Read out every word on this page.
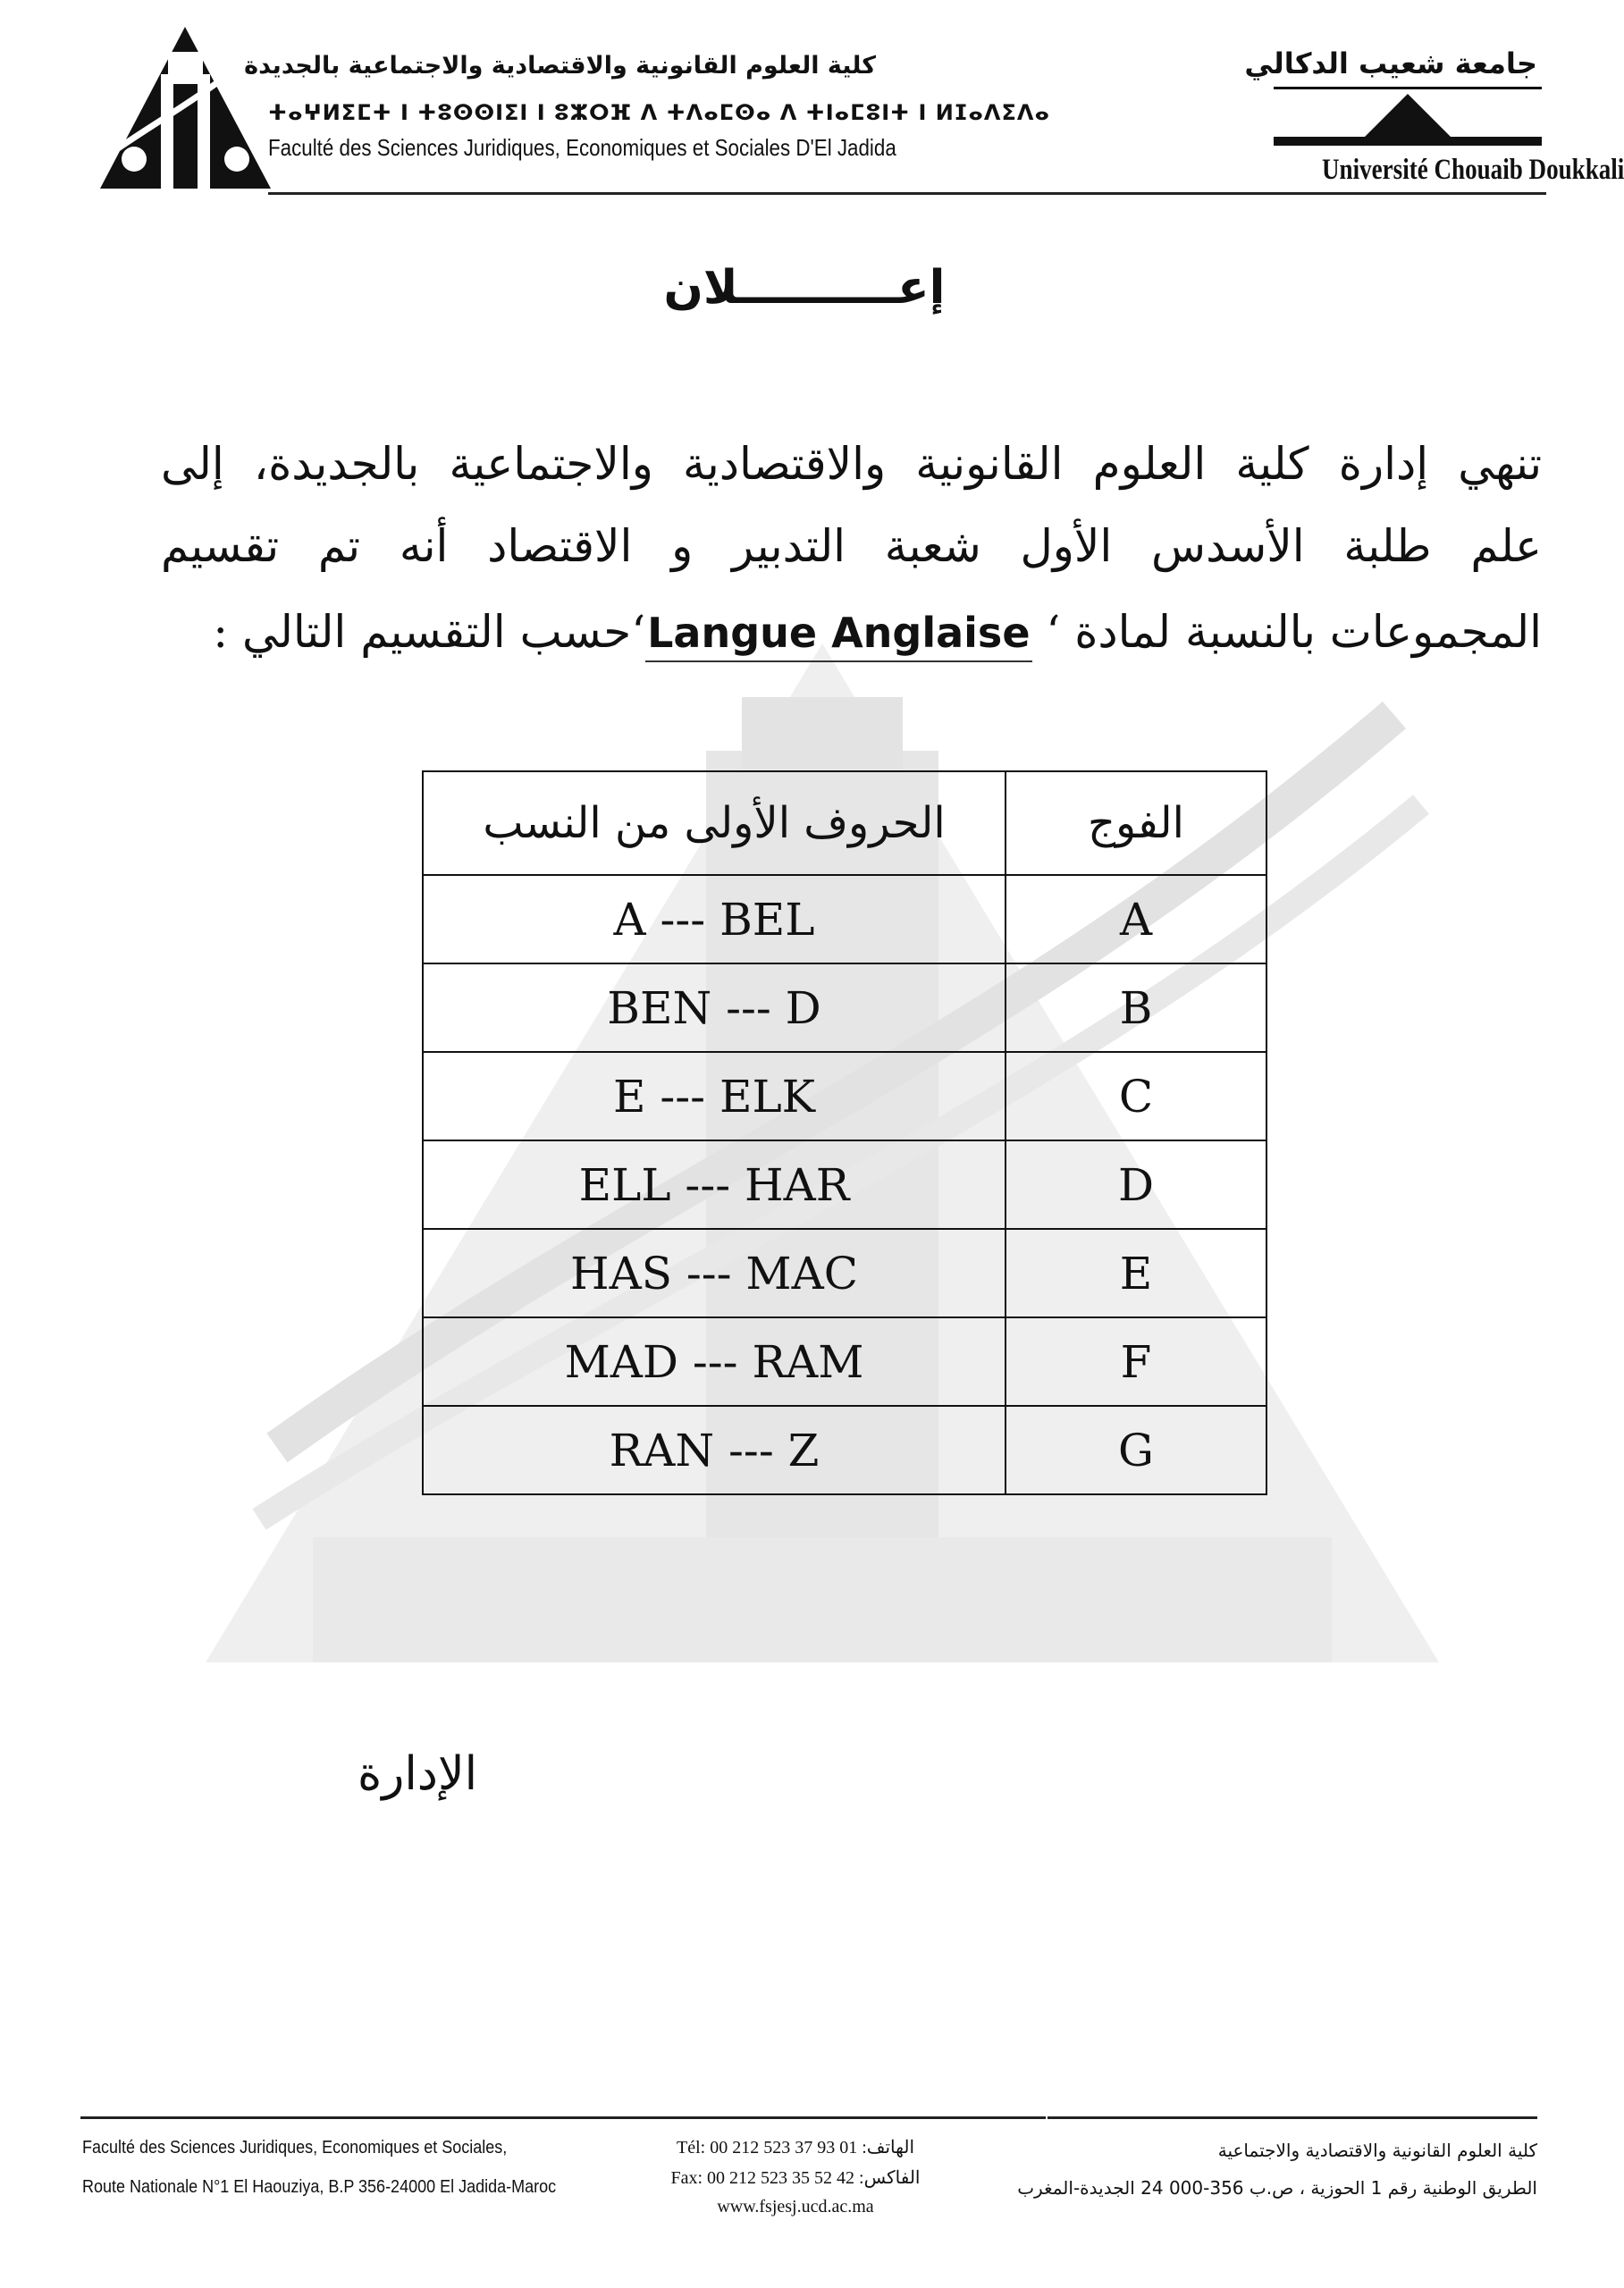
كلية العلوم القانونية والاقتصادية والاجتماعية بالجديدة
ⵜⴰⵖⵍⵉⵎⵜ ⵏ ⵜⵓⵙⵙⵏⵉⵏ ⵏ ⵓⵣⵔⴼ ⴷ ⵜⴷⴰⵎⵙⴰ ⴷ ⵜⵏⴰⵎⵓⵏⵜ ⵏ ⵍⵊⴰⴷⵉⴷⴰ
Faculté des Sciences Juridiques, Economiques et Sociales D'El Jadida
جامعة شعيب الدكالي
Université Chouaib Doukkali
إعــــــــــلان
تنهي إدارة كلية العلوم القانونية والاقتصادية والاجتماعية بالجديدة، إلى
علم طلبة الأسدس الأول شعبة التدبير و الاقتصاد أنه تم تقسيم
المجموعات بالنسبة لمادة ‘ Langue Anglaise‘حسب التقسيم التالي :
الحروف الأولى من النسب	الفوج
A --- BEL	A
BEN --- D	B
E --- ELK	C
ELL --- HAR	D
HAS --- MAC	E
MAD --- RAM	F
RAN --- Z	G
الإدارة
Faculté des Sciences Juridiques, Economiques et Sociales,
Route Nationale N°1 El Haouziya, B.P 356-24000 El Jadida-Maroc
Tél: 00 212 523 37 93 01 :الهاتف
Fax: 00 212 523 35 52 42 :الفاكس
www.fsjesj.ucd.ac.ma
كلية العلوم القانونية والاقتصادية والاجتماعية
الطريق الوطنية رقم 1 الحوزية ، ص.ب 356-000 24 الجديدة-المغرب
